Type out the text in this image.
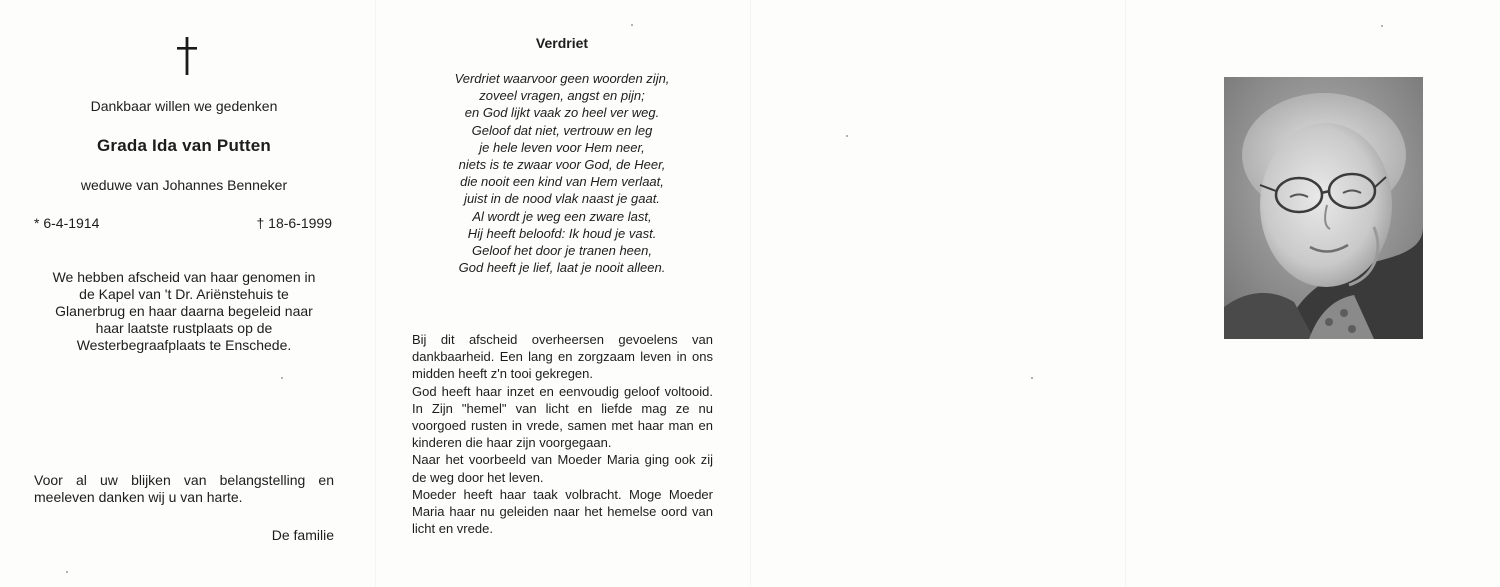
Dankbaar willen we gedenken
Grada Ida van Putten
weduwe van Johannes Benneker
* 6-4-1914	† 18-6-1999
We hebben afscheid van haar genomen in
de Kapel van 't Dr. Ariënstehuis te
Glanerbrug en haar daarna begeleid naar
haar laatste rustplaats op de
Westerbegraafplaats te Enschede.
Voor al uw blijken van belangstelling en meeleven danken wij u van harte.
De familie
Verdriet
Verdriet waarvoor geen woorden zijn,
zoveel vragen, angst en pijn;
en God lijkt vaak zo heel ver weg.
Geloof dat niet, vertrouw en leg
je hele leven voor Hem neer,
niets is te zwaar voor God, de Heer,
die nooit een kind van Hem verlaat,
juist in de nood vlak naast je gaat.
Al wordt je weg een zware last,
Hij heeft beloofd: Ik houd je vast.
Geloof het door je tranen heen,
God heeft je lief, laat je nooit alleen.

Bij dit afscheid overheersen gevoelens van dankbaarheid. Een lang en zorgzaam leven in ons midden heeft z'n tooi gekregen.

God heeft haar inzet en eenvoudig geloof voltooid. In Zijn "hemel" van licht en liefde mag ze nu voorgoed rusten in vrede, samen met haar man en kinderen die haar zijn voorgegaan.

Naar het voorbeeld van Moeder Maria ging ook zij de weg door het leven.

Moeder heeft haar taak volbracht. Moge Moeder Maria haar nu geleiden naar het hemelse oord van licht en vrede.
